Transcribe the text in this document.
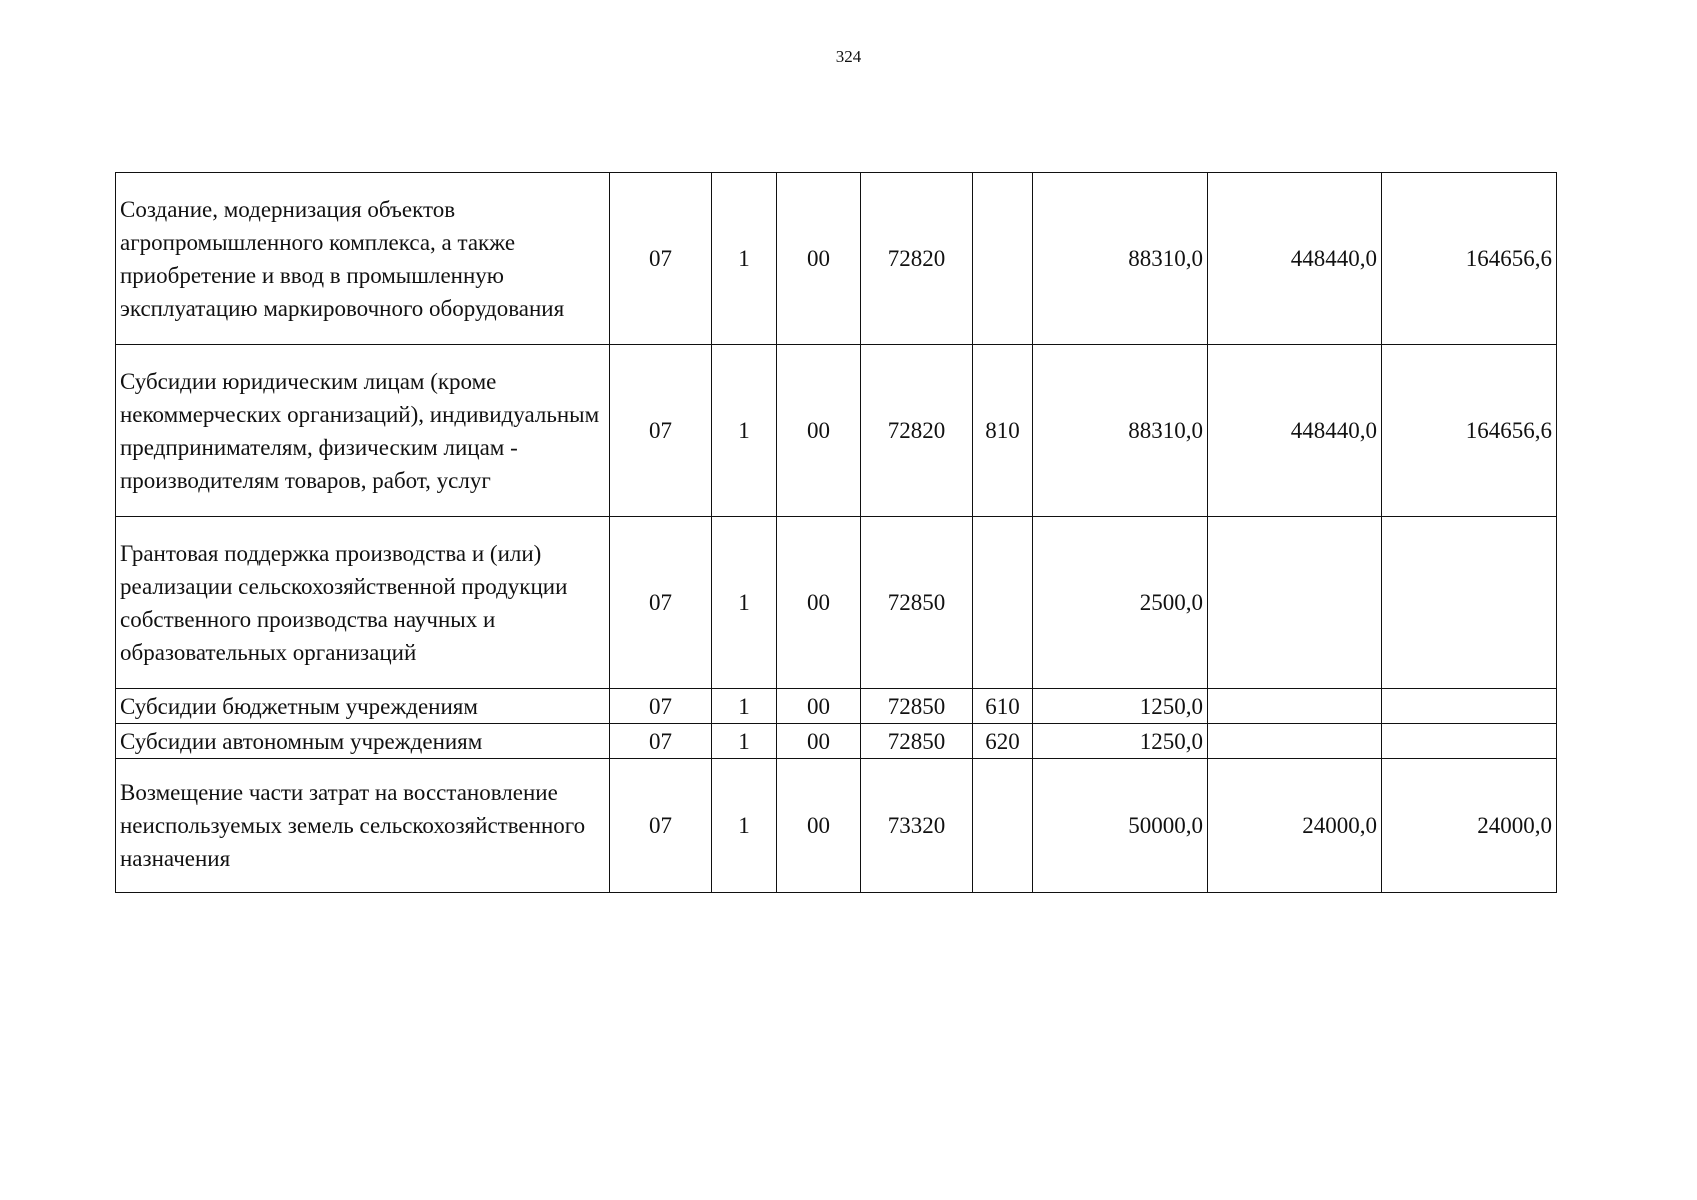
324
Создание, модернизация объектов агропромышленного комплекса, а также приобретение и ввод в промышленную эксплуатацию маркировочного оборудования	07	1	00	72820		88310,0	448440,0	164656,6
Субсидии юридическим лицам (кроме некоммерческих организаций), индивидуальным предпринимателям, физическим лицам - производителям товаров, работ, услуг	07	1	00	72820	810	88310,0	448440,0	164656,6
Грантовая поддержка производства и (или) реализации сельскохозяйственной продукции собственного производства научных и образовательных организаций	07	1	00	72850		2500,0		
Субсидии бюджетным учреждениям	07	1	00	72850	610	1250,0		
Субсидии автономным учреждениям	07	1	00	72850	620	1250,0		
Возмещение части затрат на восстановление неиспользуемых земель сельскохозяйственного назначения	07	1	00	73320		50000,0	24000,0	24000,0
